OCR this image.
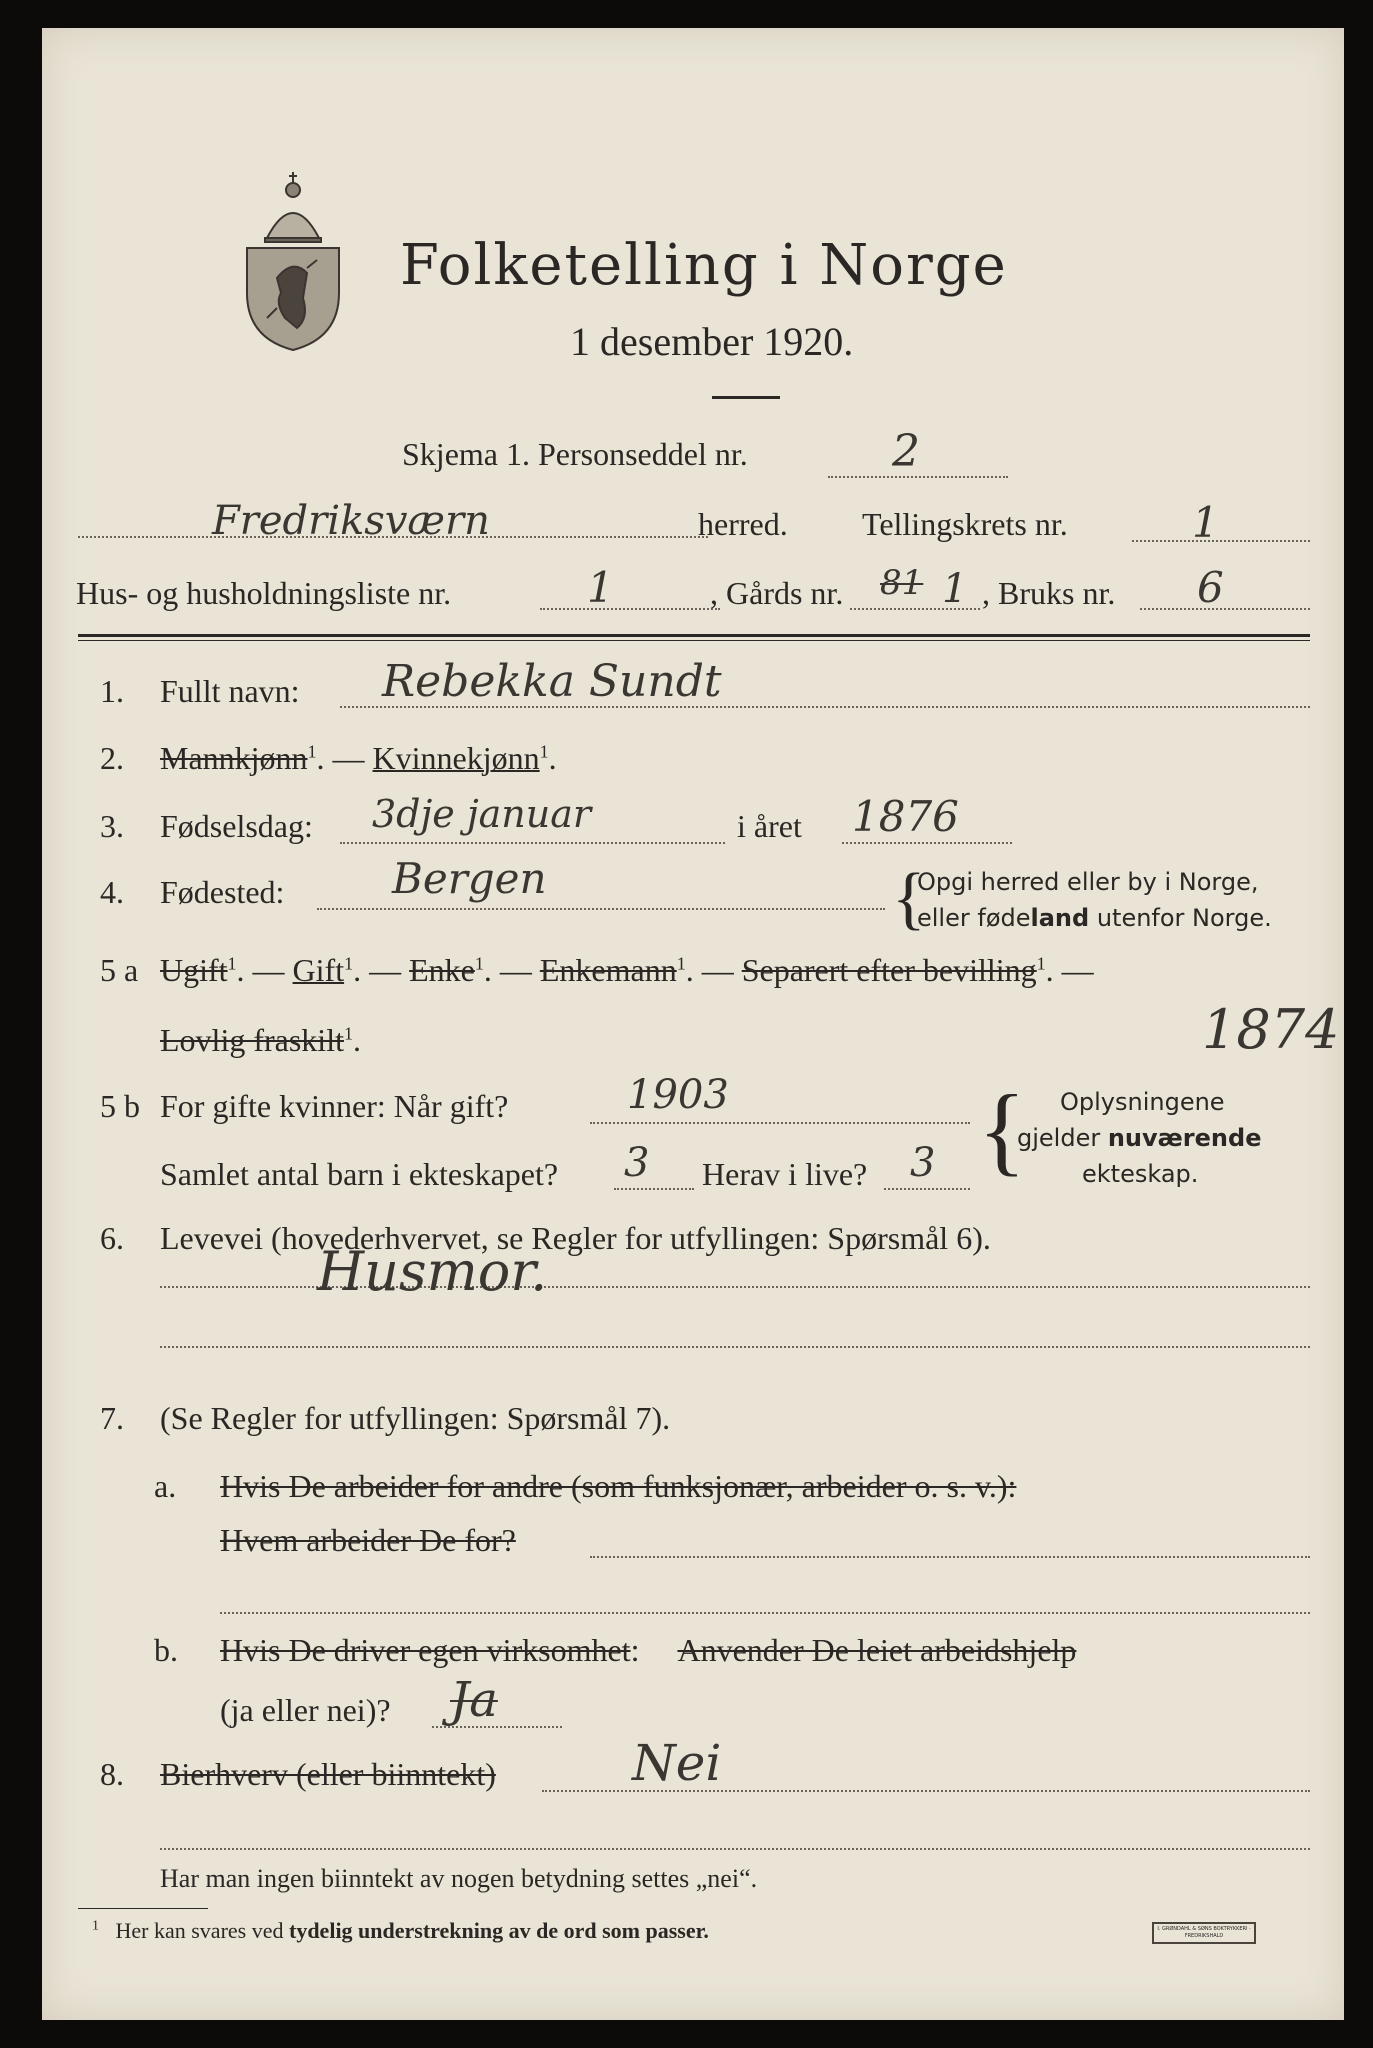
Folketelling i Norge
1 desember 1920.
Skjema 1. Personseddel nr.	2
Fredriksværn	herred. Tellingskrets nr.	1
Hus- og husholdningsliste nr.	1	, Gårds nr. 81 1 , Bruks nr. 6
1. Fullt navn: Rebekka Sundt
2. Mannkjønn$^1$. — Kvinnekjønn$^1$.
3. Fødselsdag: 3dje januar	i året 1876
4. Fødested:	Bergen	{
Opgi herred eller by i Norge,
eller fødeland utenfor Norge.
5 a Ugift$^1$. — Gift$^1$. — Enke$^1$. — Enkemann$^1$. — Separert efter bevilling$^1$. —
Lovlig fraskilt$^1$.	1874
5 b For gifte kvinner: Når gift?	1903
Samlet antal barn i ekteskapet? 3 Herav i live? 3 { Oplysningene
gjelder nuværende
ekteskap.
6. Levevei (hovederhvervet, se Regler for utfyllingen: Spørsmål 6).
Husmor.
7. (Se Regler for utfyllingen: Spørsmål 7).
a. Hvis De arbeider for andre (som funksjonær, arbeider o. s. v.):
Hvem arbeider De for?
b. Hvis De driver egen virksomhet: Anvender De leiet arbeidshjelp
(ja eller nei)? Ja
8. Bierhverv (eller biinntekt)	Nei
Har man ingen biinntekt av nogen betydning settes „nei“.
$^1$ Her kan svares ved tydelig understrekning av de ord som passer.	I. GRØNDAHL & SØNS BOKTRYKKERI · FREDRIKSHALD
